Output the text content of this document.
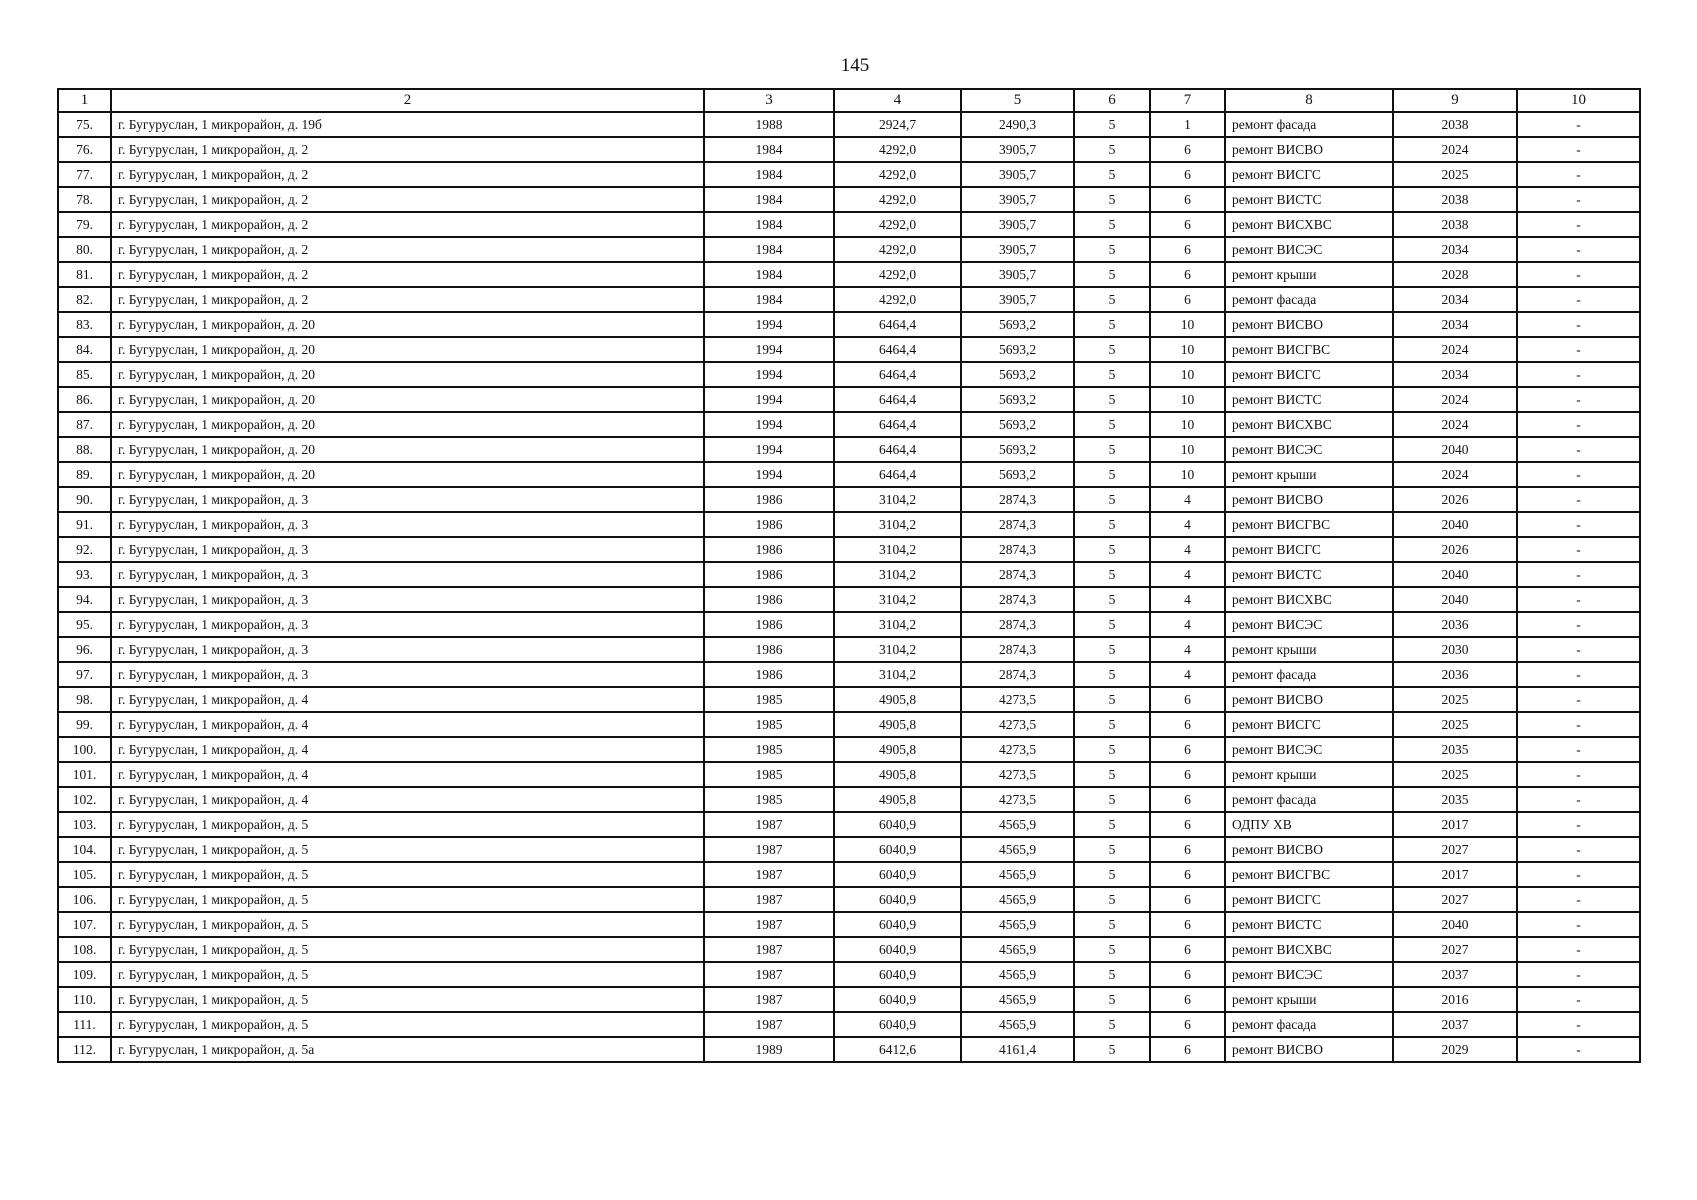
145
1	2	3	4	5	6	7	8	9	10
75.	г. Бугуруслан, 1 микрорайон, д. 19б	1988	2924,7	2490,3	5	1	ремонт фасада	2038	-
76.	г. Бугуруслан, 1 микрорайон, д. 2	1984	4292,0	3905,7	5	6	ремонт ВИСВО	2024	-
77.	г. Бугуруслан, 1 микрорайон, д. 2	1984	4292,0	3905,7	5	6	ремонт ВИСГС	2025	-
78.	г. Бугуруслан, 1 микрорайон, д. 2	1984	4292,0	3905,7	5	6	ремонт ВИСТС	2038	-
79.	г. Бугуруслан, 1 микрорайон, д. 2	1984	4292,0	3905,7	5	6	ремонт ВИСХВС	2038	-
80.	г. Бугуруслан, 1 микрорайон, д. 2	1984	4292,0	3905,7	5	6	ремонт ВИСЭС	2034	-
81.	г. Бугуруслан, 1 микрорайон, д. 2	1984	4292,0	3905,7	5	6	ремонт крыши	2028	-
82.	г. Бугуруслан, 1 микрорайон, д. 2	1984	4292,0	3905,7	5	6	ремонт фасада	2034	-
83.	г. Бугуруслан, 1 микрорайон, д. 20	1994	6464,4	5693,2	5	10	ремонт ВИСВО	2034	-
84.	г. Бугуруслан, 1 микрорайон, д. 20	1994	6464,4	5693,2	5	10	ремонт ВИСГВС	2024	-
85.	г. Бугуруслан, 1 микрорайон, д. 20	1994	6464,4	5693,2	5	10	ремонт ВИСГС	2034	-
86.	г. Бугуруслан, 1 микрорайон, д. 20	1994	6464,4	5693,2	5	10	ремонт ВИСТС	2024	-
87.	г. Бугуруслан, 1 микрорайон, д. 20	1994	6464,4	5693,2	5	10	ремонт ВИСХВС	2024	-
88.	г. Бугуруслан, 1 микрорайон, д. 20	1994	6464,4	5693,2	5	10	ремонт ВИСЭС	2040	-
89.	г. Бугуруслан, 1 микрорайон, д. 20	1994	6464,4	5693,2	5	10	ремонт крыши	2024	-
90.	г. Бугуруслан, 1 микрорайон, д. 3	1986	3104,2	2874,3	5	4	ремонт ВИСВО	2026	-
91.	г. Бугуруслан, 1 микрорайон, д. 3	1986	3104,2	2874,3	5	4	ремонт ВИСГВС	2040	-
92.	г. Бугуруслан, 1 микрорайон, д. 3	1986	3104,2	2874,3	5	4	ремонт ВИСГС	2026	-
93.	г. Бугуруслан, 1 микрорайон, д. 3	1986	3104,2	2874,3	5	4	ремонт ВИСТС	2040	-
94.	г. Бугуруслан, 1 микрорайон, д. 3	1986	3104,2	2874,3	5	4	ремонт ВИСХВС	2040	-
95.	г. Бугуруслан, 1 микрорайон, д. 3	1986	3104,2	2874,3	5	4	ремонт ВИСЭС	2036	-
96.	г. Бугуруслан, 1 микрорайон, д. 3	1986	3104,2	2874,3	5	4	ремонт крыши	2030	-
97.	г. Бугуруслан, 1 микрорайон, д. 3	1986	3104,2	2874,3	5	4	ремонт фасада	2036	-
98.	г. Бугуруслан, 1 микрорайон, д. 4	1985	4905,8	4273,5	5	6	ремонт ВИСВО	2025	-
99.	г. Бугуруслан, 1 микрорайон, д. 4	1985	4905,8	4273,5	5	6	ремонт ВИСГС	2025	-
100.	г. Бугуруслан, 1 микрорайон, д. 4	1985	4905,8	4273,5	5	6	ремонт ВИСЭС	2035	-
101.	г. Бугуруслан, 1 микрорайон, д. 4	1985	4905,8	4273,5	5	6	ремонт крыши	2025	-
102.	г. Бугуруслан, 1 микрорайон, д. 4	1985	4905,8	4273,5	5	6	ремонт фасада	2035	-
103.	г. Бугуруслан, 1 микрорайон, д. 5	1987	6040,9	4565,9	5	6	ОДПУ ХВ	2017	-
104.	г. Бугуруслан, 1 микрорайон, д. 5	1987	6040,9	4565,9	5	6	ремонт ВИСВО	2027	-
105.	г. Бугуруслан, 1 микрорайон, д. 5	1987	6040,9	4565,9	5	6	ремонт ВИСГВС	2017	-
106.	г. Бугуруслан, 1 микрорайон, д. 5	1987	6040,9	4565,9	5	6	ремонт ВИСГС	2027	-
107.	г. Бугуруслан, 1 микрорайон, д. 5	1987	6040,9	4565,9	5	6	ремонт ВИСТС	2040	-
108.	г. Бугуруслан, 1 микрорайон, д. 5	1987	6040,9	4565,9	5	6	ремонт ВИСХВС	2027	-
109.	г. Бугуруслан, 1 микрорайон, д. 5	1987	6040,9	4565,9	5	6	ремонт ВИСЭС	2037	-
110.	г. Бугуруслан, 1 микрорайон, д. 5	1987	6040,9	4565,9	5	6	ремонт крыши	2016	-
111.	г. Бугуруслан, 1 микрорайон, д. 5	1987	6040,9	4565,9	5	6	ремонт фасада	2037	-
112.	г. Бугуруслан, 1 микрорайон, д. 5а	1989	6412,6	4161,4	5	6	ремонт ВИСВО	2029	-
